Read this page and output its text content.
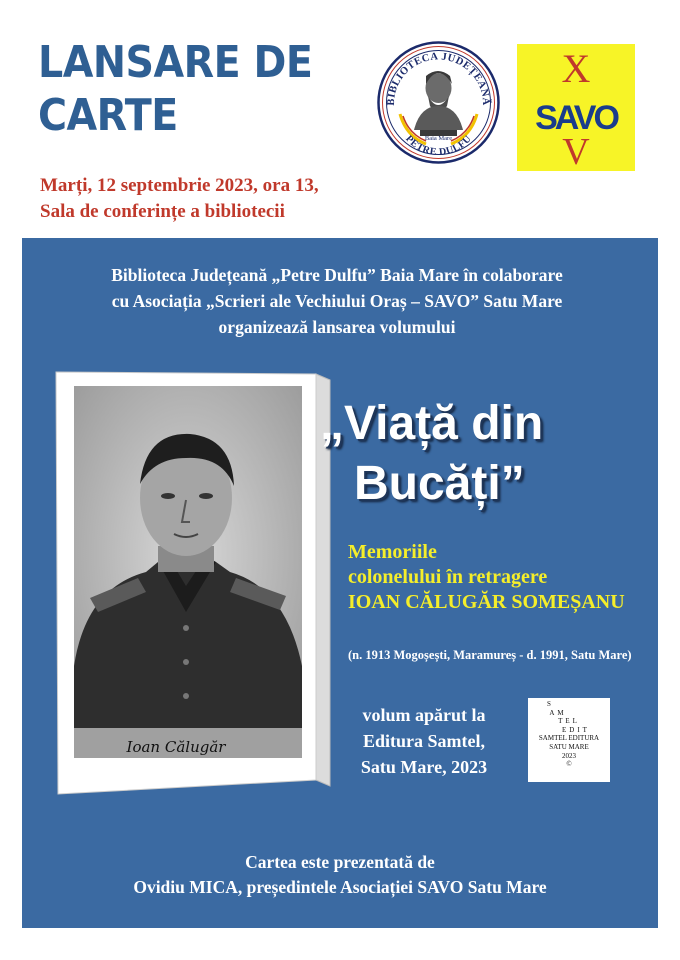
LANSARE DE
CARTE
Marți, 12 septembrie 2023, ora 13,
Sala de conferințe a bibliotecii
BIBLIOTECA JUDEȚEANĂ
Baia Mare
PETRE DULFU
X
SAVO
V
Biblioteca Județeană „Petre Dulfu” Baia Mare în colaborare cu Asociația „Scrieri ale Vechiului Oraș – SAVO” Satu Mare organizează lansarea volumului
Ioan Călugăr
„Viață din
Bucăți”
Memoriile
colonelului în retragere
IOAN CĂLUGĂR SOMEȘANU
(n. 1913 Mogoșești, Maramureș - d. 1991, Satu Mare)
volum apărut la
Editura Samtel,
Satu Mare, 2023
S
AM
TEL
EDIT
SAMTEL EDITURA
SATU MARE
2023
©
Cartea este prezentată de
Ovidiu MICA, președintele Asociației SAVO Satu Mare
